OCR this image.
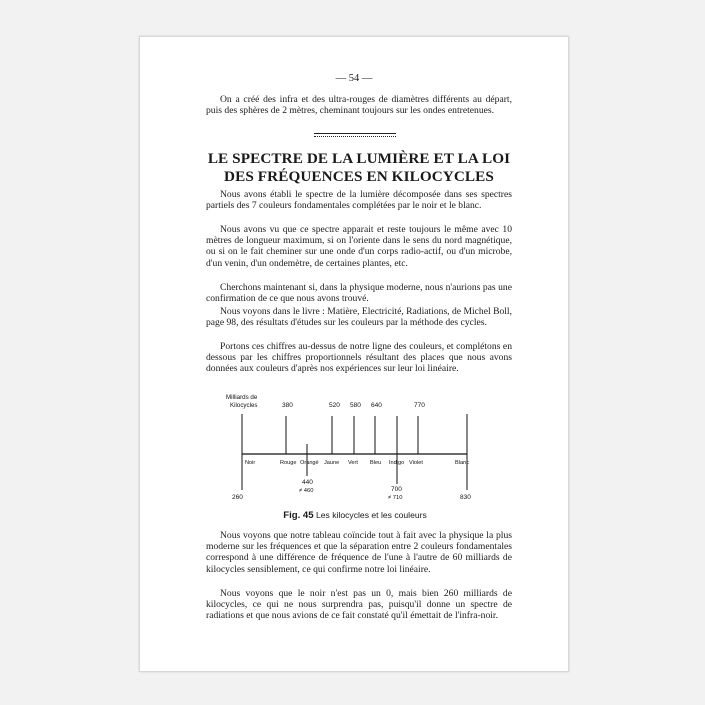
— 54 —

On a créé des infra et des ultra-rouges de diamètres différents au départ, puis des sphères de 2 mètres, cheminant toujours sur les ondes entretenues.

LE SPECTRE DE LA LUMIÈRE ET LA LOI DES FRÉQUENCES EN KILOCYCLES

Nous avons établi le spectre de la lumière décomposée dans ses spectres partiels des 7 couleurs fondamentales complétées par le noir et le blanc.

Nous avons vu que ce spectre apparait et reste toujours le même avec 10 mètres de longueur maximum, si on l'oriente dans le sens du nord magnétique, ou si on le fait cheminer sur une onde d'un corps radio-actif, ou d'un microbe, d'un venin, d'un ondemètre, de certaines plantes, etc.

Cherchons maintenant si, dans la physique moderne, nous n'aurions pas une confirmation de ce que nous avons trouvé.

Nous voyons dans le livre : Matière, Electricité, Radiations, de Michel Boll, page 98, des résultats d'études sur les couleurs par la méthode des cycles.

Portons ces chiffres au-dessus de notre ligne des couleurs, et complétons en dessous par les chiffres proportionnels résultant des places que nous avons données aux couleurs d'après nos expériences sur leur loi linéaire.

Milliards de
Kilocycles	380	520 580 640	770
Noir	Rouge Orangé Jaune Vert Bleu Indigo Violet	Blanc
260
440
≠ 460	700
≠ 710	830
Fig. 45 Les kilocycles et les couleurs

Nous voyons que notre tableau coïncide tout à fait avec la physique la plus moderne sur les fréquences et que la séparation entre 2 couleurs fondamentales correspond à une différence de fréquence de l'une à l'autre de 60 milliards de kilocycles sensiblement, ce qui confirme notre loi linéaire.

Nous voyons que le noir n'est pas un 0, mais bien 260 milliards de kilocycles, ce qui ne nous surprendra pas, puisqu'il donne un spectre de radiations et que nous avions de ce fait constaté qu'il émettait de l'infra-noir.
